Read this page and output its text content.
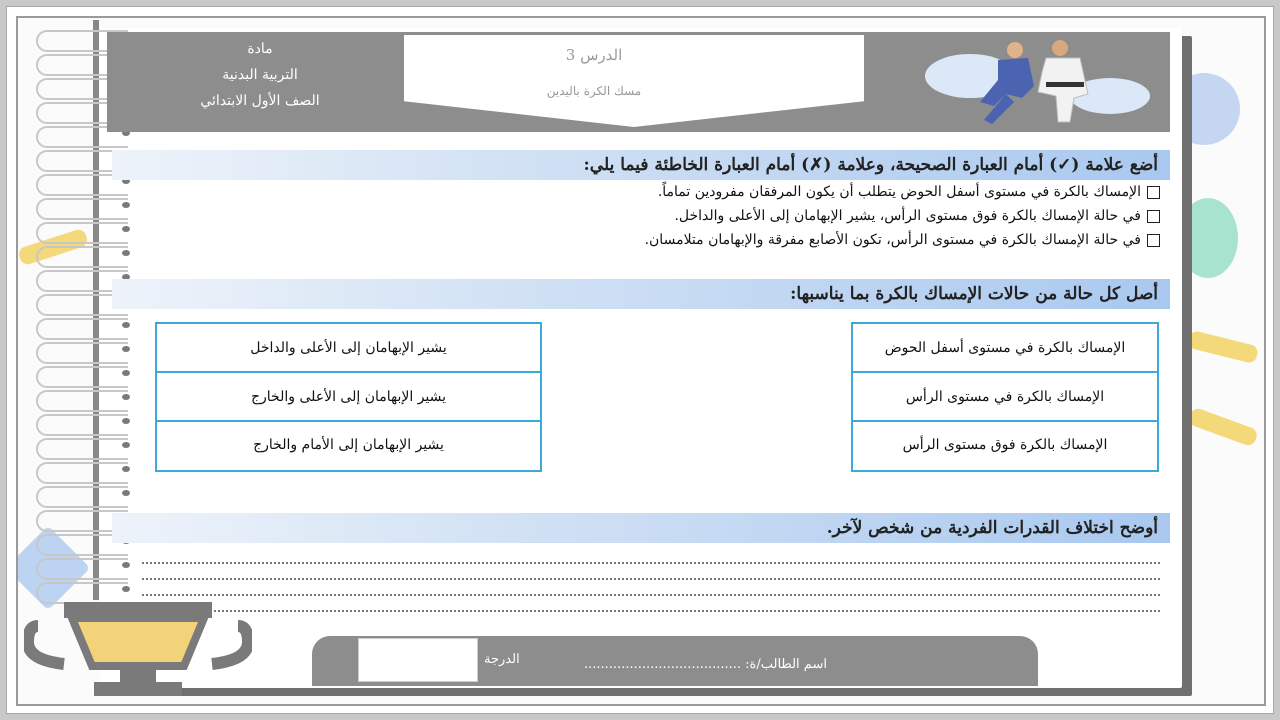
مادة
التربية البدنية
الصف الأول الابتدائي
الدرس 3
مسك الكرة باليدين
أضع علامة (✓) أمام العبارة الصحيحة، وعلامة (✗) أمام العبارة الخاطئة فيما يلي:
الإمساك بالكرة في مستوى أسفل الحوض يتطلب أن يكون المرفقان مفرودين تماماً.
في حالة الإمساك بالكرة فوق مستوى الرأس، يشير الإبهامان إلى الأعلى والداخل.
في حالة الإمساك بالكرة في مستوى الرأس، تكون الأصابع مفرقة والإبهامان متلامسان.
أصل كل حالة من حالات الإمساك بالكرة بما يناسبها:
الإمساك بالكرة في مستوى أسفل الحوض
الإمساك بالكرة في مستوى الرأس
الإمساك بالكرة فوق مستوى الرأس
يشير الإبهامان إلى الأعلى والداخل
يشير الإبهامان إلى الأعلى والخارج
يشير الإبهامان إلى الأمام والخارج
أوضح اختلاف القدرات الفردية من شخص لآخر.
الدرجة	اسم الطالب/ة: ......................................
